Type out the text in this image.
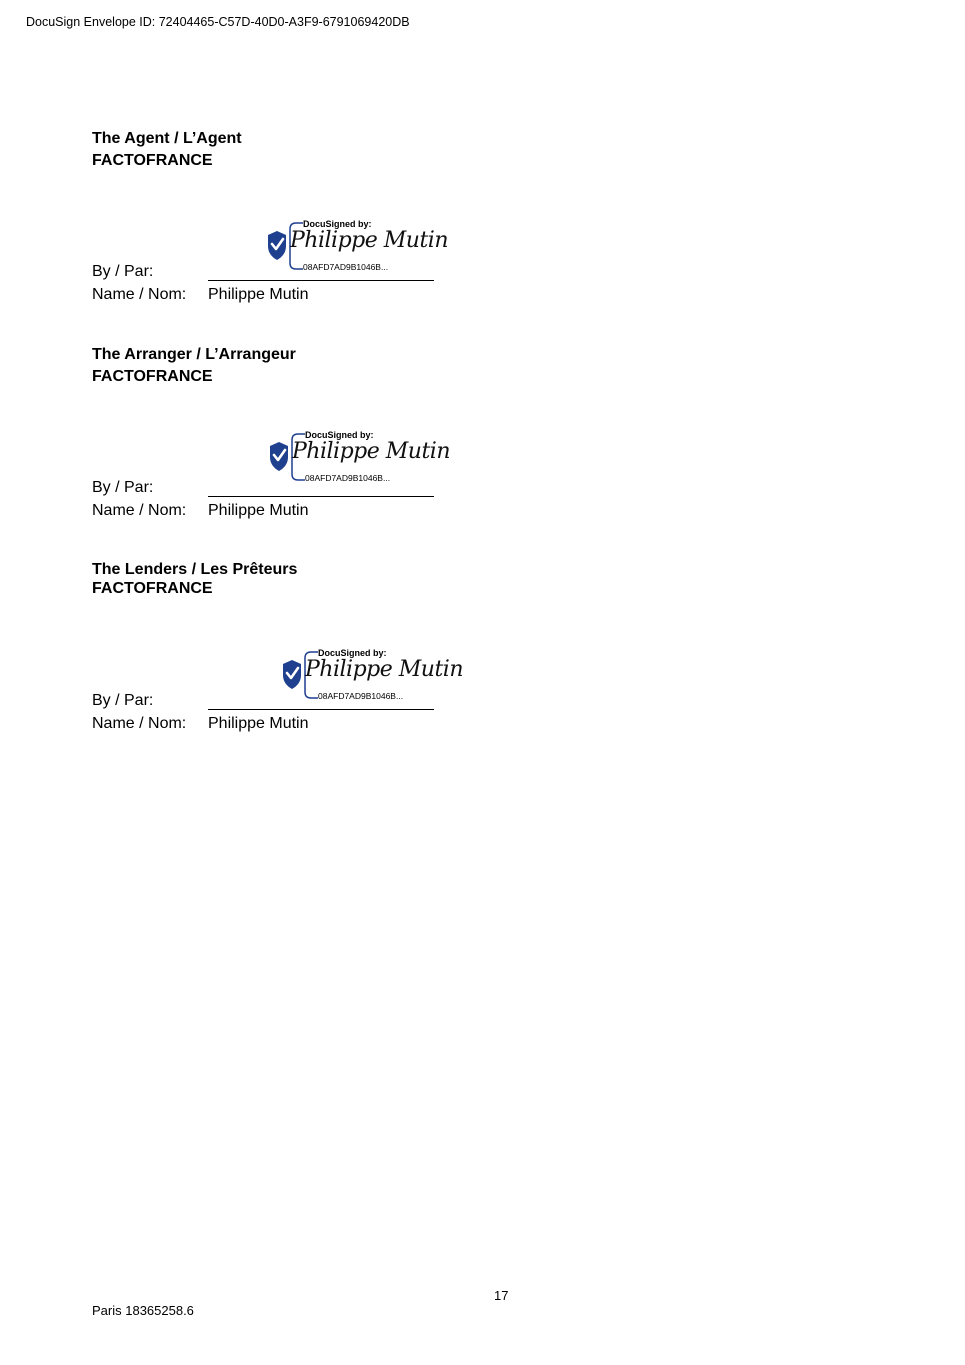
DocuSign Envelope ID: 72404465-C57D-40D0-A3F9-6791069420DB
The Agent / L’Agent
FACTOFRANCE
DocuSigned by:
Philippe Mutin
08AFD7AD9B1046B...
By / Par:
Name / Nom: Philippe Mutin
The Arranger / L’Arrangeur
FACTOFRANCE
DocuSigned by:
Philippe Mutin
08AFD7AD9B1046B...
By / Par:
Name / Nom: Philippe Mutin
The Lenders / Les Prêteurs
FACTOFRANCE
DocuSigned by:
Philippe Mutin
08AFD7AD9B1046B...
By / Par:
Name / Nom: Philippe Mutin
17
Paris 18365258.6
